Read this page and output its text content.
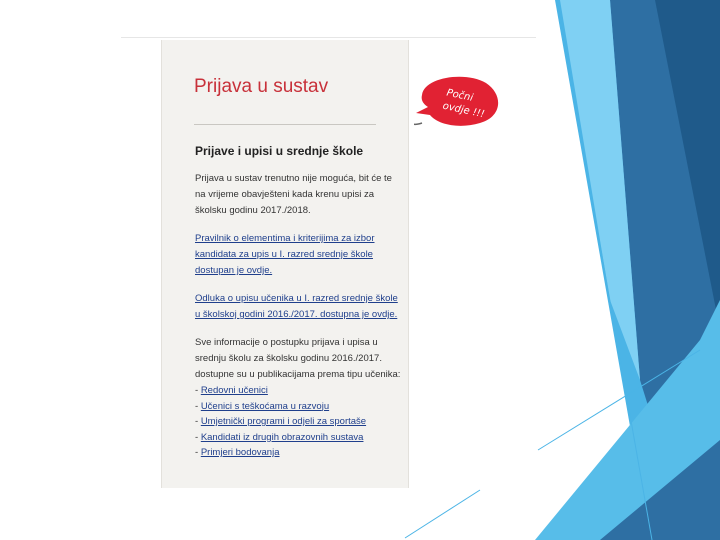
Prijava u sustav
Prijave i upisi u srednje škole

Prijava u sustav trenutno nije moguća, bit će te na vrijeme obavješteni kada krenu upisi za školsku godinu 2017./2018.

Pravilnik o elementima i kriterijima za izbor kandidata za upis u I. razred srednje škole dostupan je ovdje.
Odluka o upisu učenika u I. razred srednje škole u školskoj godini 2016./2017. dostupna je ovdje.

Sve informacije o postupku prijava i upisa u srednju školu za školsku godinu 2016./2017. dostupne su u publikacijama prema tipu učenika:

- Redovni učenici
- Učenici s teškoćama u razvoju
- Umjetnički programi i odjeli za sportaše
- Kandidati iz drugih obrazovnih sustava
- Primjeri bodovanja
Počni
ovdje !!!
